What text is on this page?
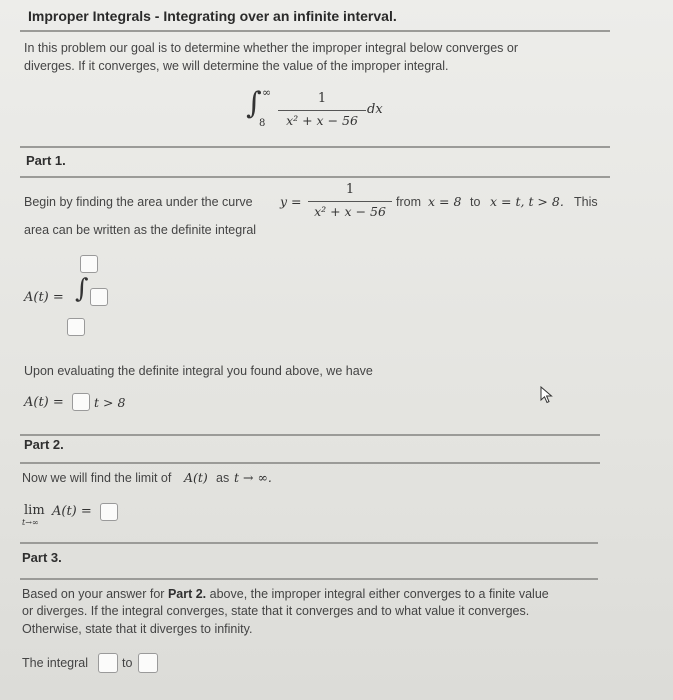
Improper Integrals - Integrating over an infinite interval.
In this problem our goal is to determine whether the improper integral below converges or
diverges. If it converges, we will determine the value of the improper integral.
∫ ∞
8
1
x² + x − 56
dx
Part 1.
Begin by finding the area under the curve y =
1
x² + x − 56
from x = 8 to x = t, t > 8. This
area can be written as the definite integral
A(t) = ∫
Upon evaluating the definite integral you found above, we have
A(t) = t > 8
Part 2.
Now we will find the limit of A(t) as t → ∞.
lim
t→∞
A(t) =
Part 3.
Based on your answer for Part 2. above, the improper integral either converges to a finite value
or diverges. If the integral converges, state that it converges and to what value it converges.
Otherwise, state that it diverges to infinity.
The integral	to
